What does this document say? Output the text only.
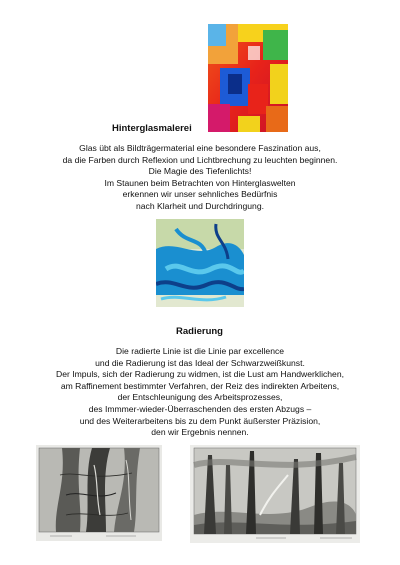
Hinterglasmalerei
Glas übt als Bildträgermaterial eine besondere Faszination aus,
da die Farben durch Reflexion und Lichtbrechung zu leuchten beginnen.
Die Magie des Tiefenlichts!
Im Staunen beim Betrachten von Hinterglaswelten
erkennen wir unser sehnliches Bedürfnis
nach Klarheit und Durchdringung.
Radierung
Die radierte Linie ist die Linie par excellence
und die Radierung ist das Ideal der Schwarzweißkunst.
Der Impuls, sich der Radierung zu widmen, ist die Lust am Handwerklichen,
am Raffinement bestimmter Verfahren, der Reiz des indirekten Arbeitens,
der Entschleunigung des Arbeitsprozesses,
des Immmer-wieder-Überraschenden des ersten Abzugs –
und des Weiterarbeitens bis zu dem Punkt äußerster Präzision,
den wir Ergebnis nennen.
